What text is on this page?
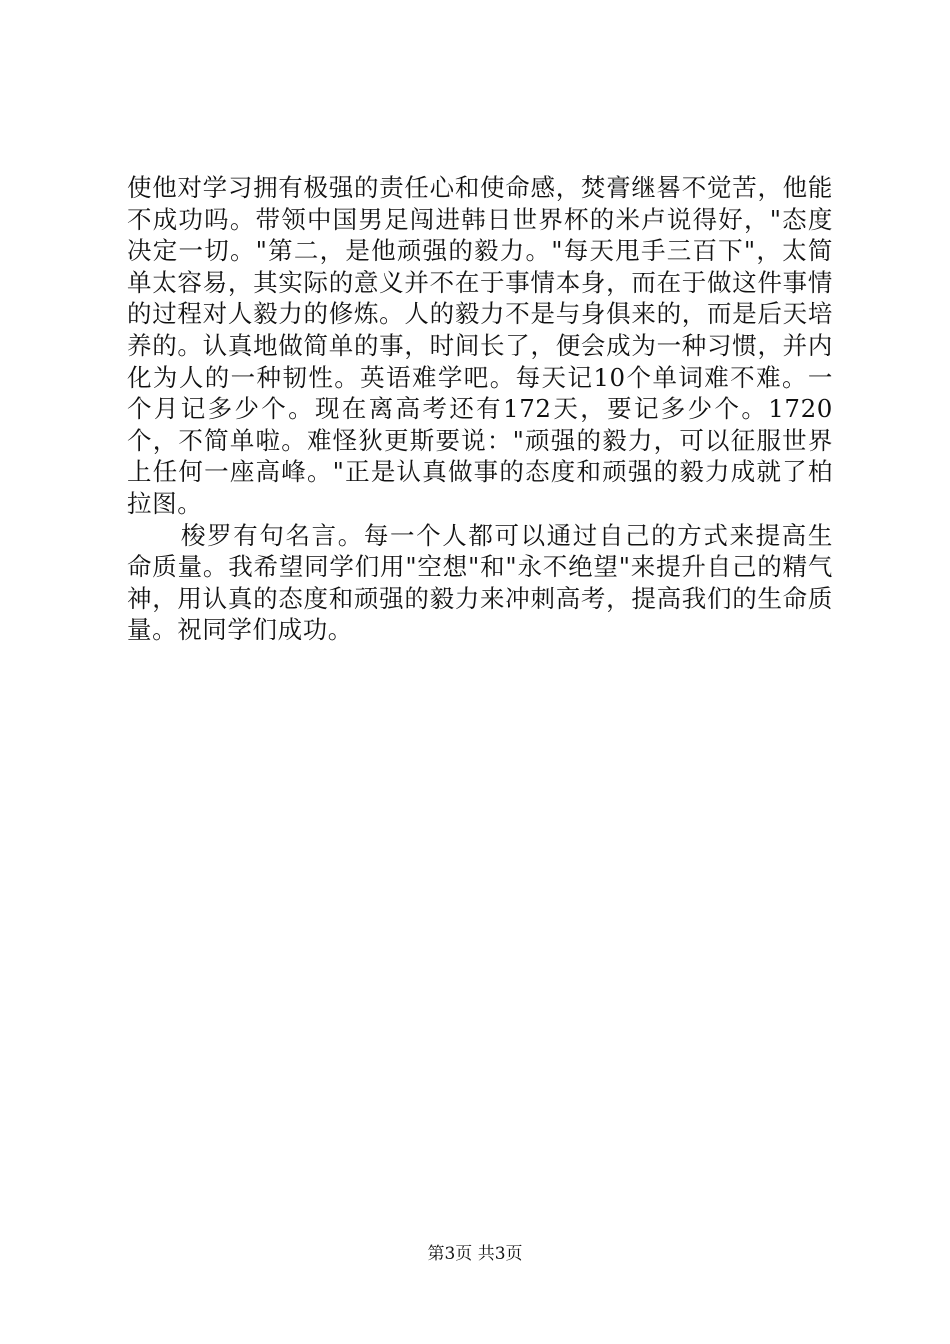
使他对学习拥有极强的责任心和使命感，焚膏继晷不觉苦，他能不成功吗。带领中国男足闯进韩日世界杯的米卢说得好，"态度决定一切。"第二，是他顽强的毅力。"每天甩手三百下"，太简单太容易，其实际的意义并不在于事情本身，而在于做这件事情的过程对人毅力的修炼。人的毅力不是与身俱来的，而是后天培养的。认真地做简单的事，时间长了，便会成为一种习惯，并内化为人的一种韧性。英语难学吧。每天记10个单词难不难。一个月记多少个。现在离高考还有172天，要记多少个。1720个，不简单啦。难怪狄更斯要说："顽强的毅力，可以征服世界上任何一座高峰。"正是认真做事的态度和顽强的毅力成就了柏拉图。

梭罗有句名言。每一个人都可以通过自己的方式来提高生命质量。我希望同学们用"空想"和"永不绝望"来提升自己的精气神，用认真的态度和顽强的毅力来冲刺高考，提高我们的生命质量。祝同学们成功。

第3页 共3页
